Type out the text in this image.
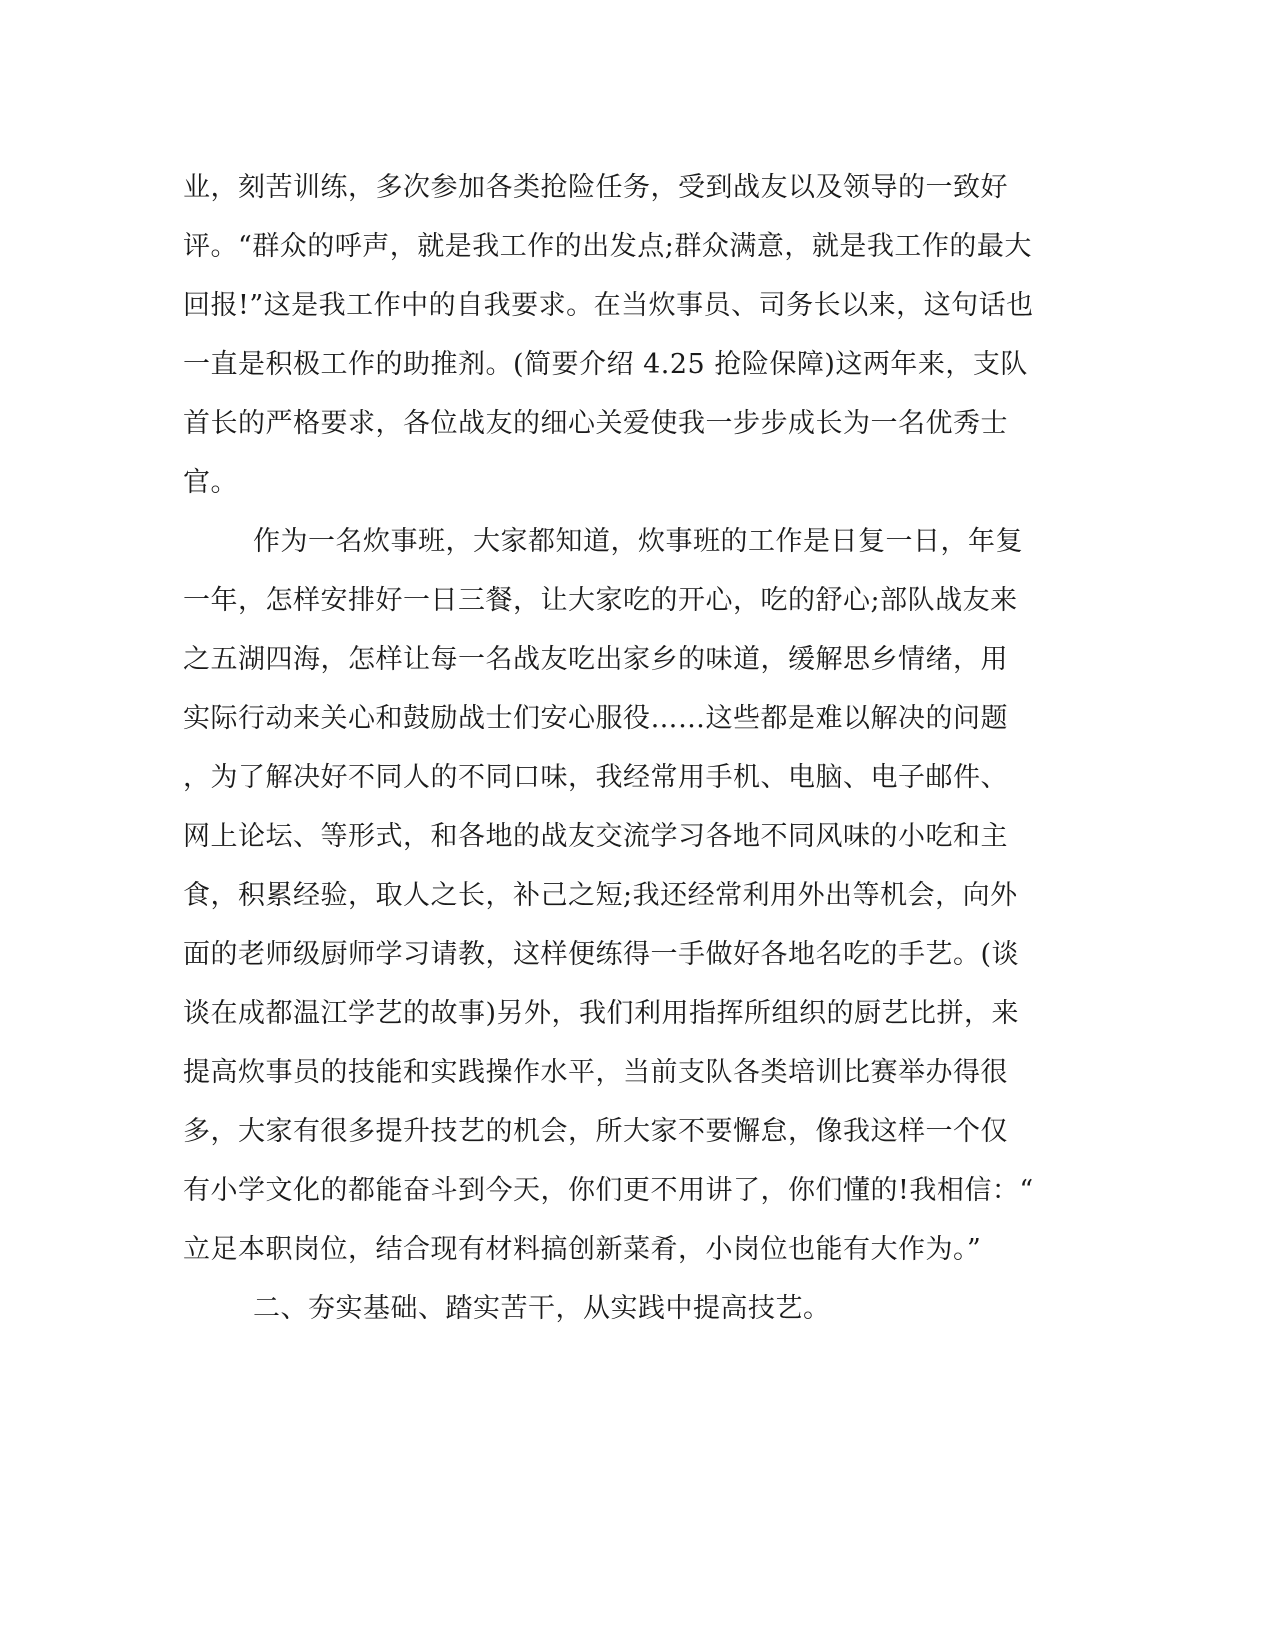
业，刻苦训练，多次参加各类抢险任务，受到战友以及领导的一致好
评。“群众的呼声，就是我工作的出发点;群众满意，就是我工作的最大
回报!”这是我工作中的自我要求。在当炊事员、司务长以来，这句话也
一直是积极工作的助推剂。(简要介绍 4.25 抢险保障)这两年来，支队
首长的严格要求，各位战友的细心关爱使我一步步成长为一名优秀士
官。
作为一名炊事班，大家都知道，炊事班的工作是日复一日，年复
一年，怎样安排好一日三餐，让大家吃的开心，吃的舒心;部队战友来
之五湖四海，怎样让每一名战友吃出家乡的味道，缓解思乡情绪，用
实际行动来关心和鼓励战士们安心服役……这些都是难以解决的问题
，为了解决好不同人的不同口味，我经常用手机、电脑、电子邮件、
网上论坛、等形式，和各地的战友交流学习各地不同风味的小吃和主
食，积累经验，取人之长，补己之短;我还经常利用外出等机会，向外
面的老师级厨师学习请教，这样便练得一手做好各地名吃的手艺。(谈
谈在成都温江学艺的故事)另外，我们利用指挥所组织的厨艺比拼，来
提高炊事员的技能和实践操作水平，当前支队各类培训比赛举办得很
多，大家有很多提升技艺的机会，所大家不要懈怠，像我这样一个仅
有小学文化的都能奋斗到今天，你们更不用讲了，你们懂的!我相信：“
立足本职岗位，结合现有材料搞创新菜肴，小岗位也能有大作为。”
二、夯实基础、踏实苦干，从实践中提高技艺。
